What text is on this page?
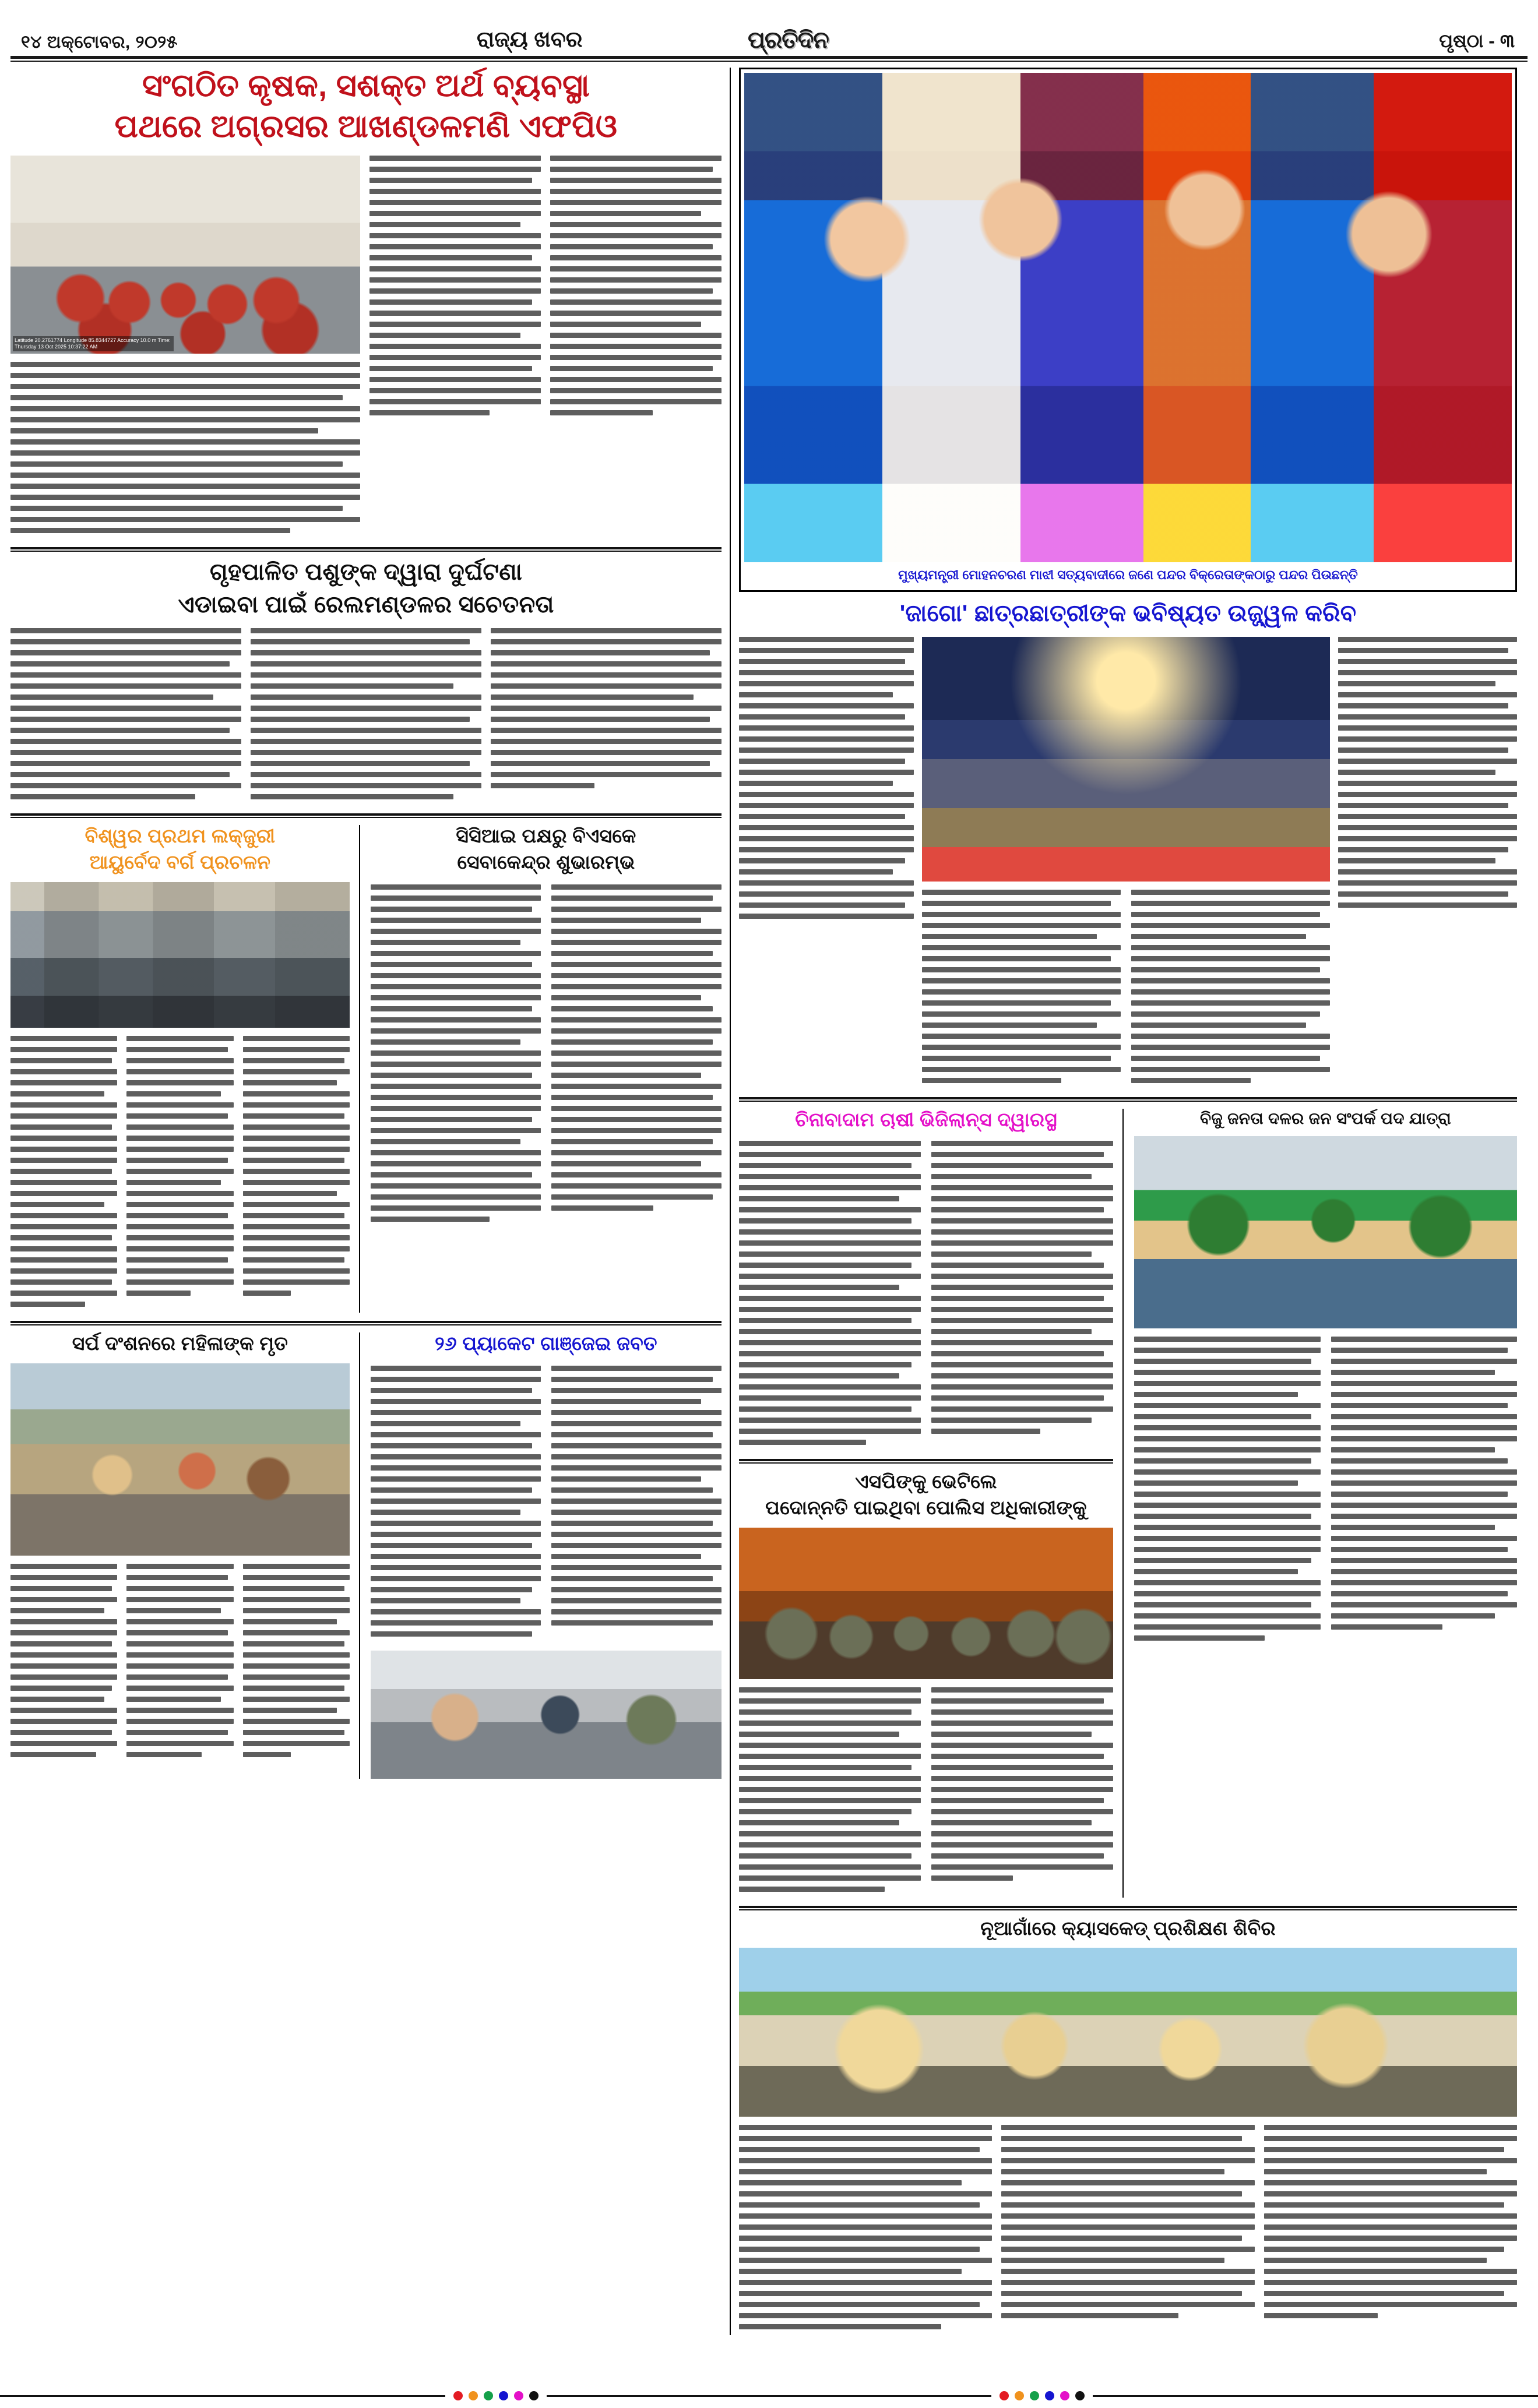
୧୪ ଅକ୍ଟୋବର, ୨୦୨୫	ରାଜ୍ୟ ଖବର	ପ୍ରତିଦିନ	ପୃଷ୍ଠା - ୩
ସଂଗଠିତ କୃଷକ, ସଶକ୍ତ ଅର୍ଥ ବ୍ୟବସ୍ଥା
ପଥରେ ଅଗ୍ରସର ଆଖଣ୍ଡଳମଣି ଏଫପିଓ
Latitude 20.2761774 Longitude 85.8344727 Accuracy 10.0 m Time: Thursday 13 Oct 2025 10:37:22 AM
ଗୃହପାଳିତ ପଶୁଙ୍କ ଦ୍ୱାରା ଦୁର୍ଘଟଣା
ଏଡାଇବା ପାଇଁ ରେଲମଣ୍ଡଳର ସଚେତନତା
ବିଶ୍ୱର ପ୍ରଥମ ଲକ୍‌ଜୁରୀ
ଆୟୁର୍ବେଦ ବର୍ଗ ପ୍ରଚଳନ
ସିସିଆଇ ପକ୍ଷରୁ ବିଏସକେ
ସେବାକେନ୍ଦ୍ର ଶୁଭାରମ୍ଭ
ସର୍ପ ଦଂଶନରେ ମହିଳାଙ୍କ ମୃତ	୨୬ ପ୍ୟାକେଟ ଗାଞ୍ଜେଇ ଜବତ
ମୁଖ୍ୟମନ୍ତ୍ରୀ ମୋହନଚରଣ ମାଝୀ ସତ୍ୟବାଦୀରେ ଜଣେ ପନ୍ଦର ବିକ୍ରେତାଙ୍କଠାରୁ ପନ୍ଦର ପିଉଛନ୍ତି
'ଜାଗୋ' ଛାତ୍ରଛାତ୍ରୀଙ୍କ ଭବିଷ୍ୟତ ଉଜ୍ଜ୍ୱଳ କରିବ
ଚିନାବାଦାମ ଚାଷୀ ଭିଜିଲାନ୍ସ ଦ୍ୱାରସ୍ଥ
ଏସପିଙ୍କୁ ଭେଟିଲେ
ପଦୋନ୍ନତି ପାଇଥିବା ପୋଲିସ ଅଧିକାରୀଙ୍କୁ
ବିଜୁ ଜନତା ଦଳର ଜନ ସଂପର୍କ ପଦ ଯାତ୍ରା
ନୂଆଗାଁରେ କ୍ୟାସକେଡ୍ ପ୍ରଶିକ୍ଷଣ ଶିବିର
